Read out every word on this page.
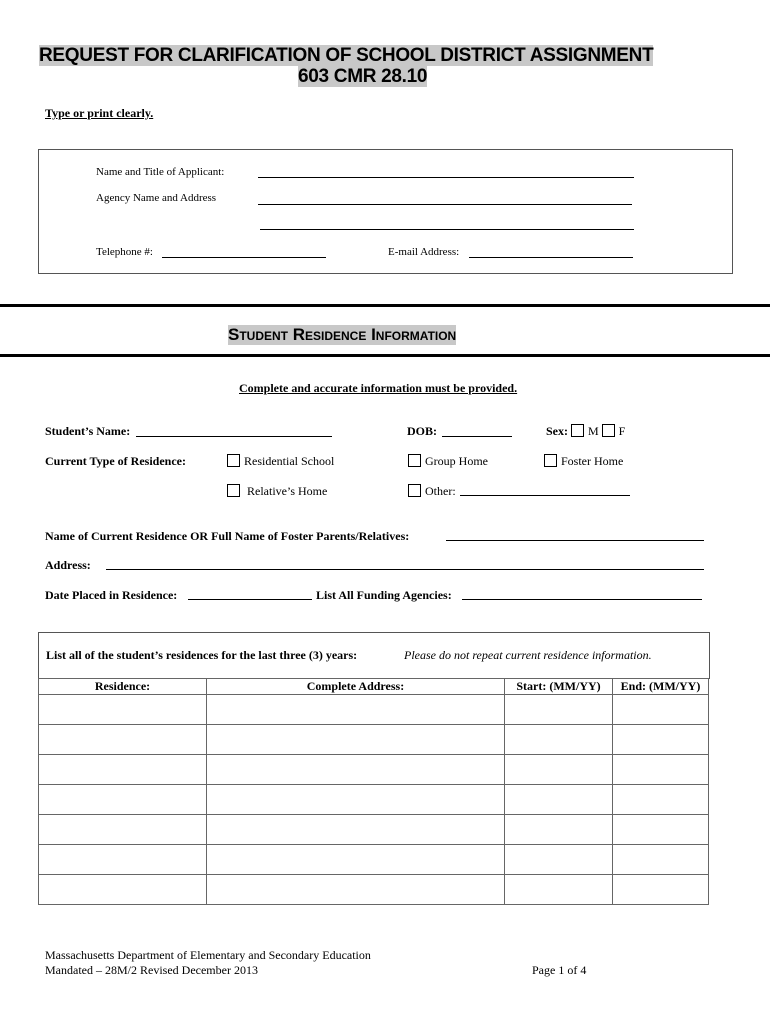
REQUEST FOR CLARIFICATION OF SCHOOL DISTRICT ASSIGNMENT
603 CMR 28.10
Type or print clearly.
Name and Title of Applicant:
Agency Name and Address
Telephone #:	E-mail Address:
Student Residence Information
Complete and accurate information must be provided.
Student’s Name:	DOB:	Sex: M F
Current Type of Residence:	Residential School	Group Home	Foster Home
Relative’s Home	Other:
Name of Current Residence OR Full Name of Foster Parents/Relatives:
Address:
Date Placed in Residence:	List All Funding Agencies:
List all of the student’s residences for the last three (3) years:	Please do not repeat current residence information.
Residence:	Complete Address:	Start: (MM/YY)	End: (MM/YY)

Massachusetts Department of Elementary and Secondary Education
Mandated – 28M/2 Revised December 2013	Page 1 of 4
